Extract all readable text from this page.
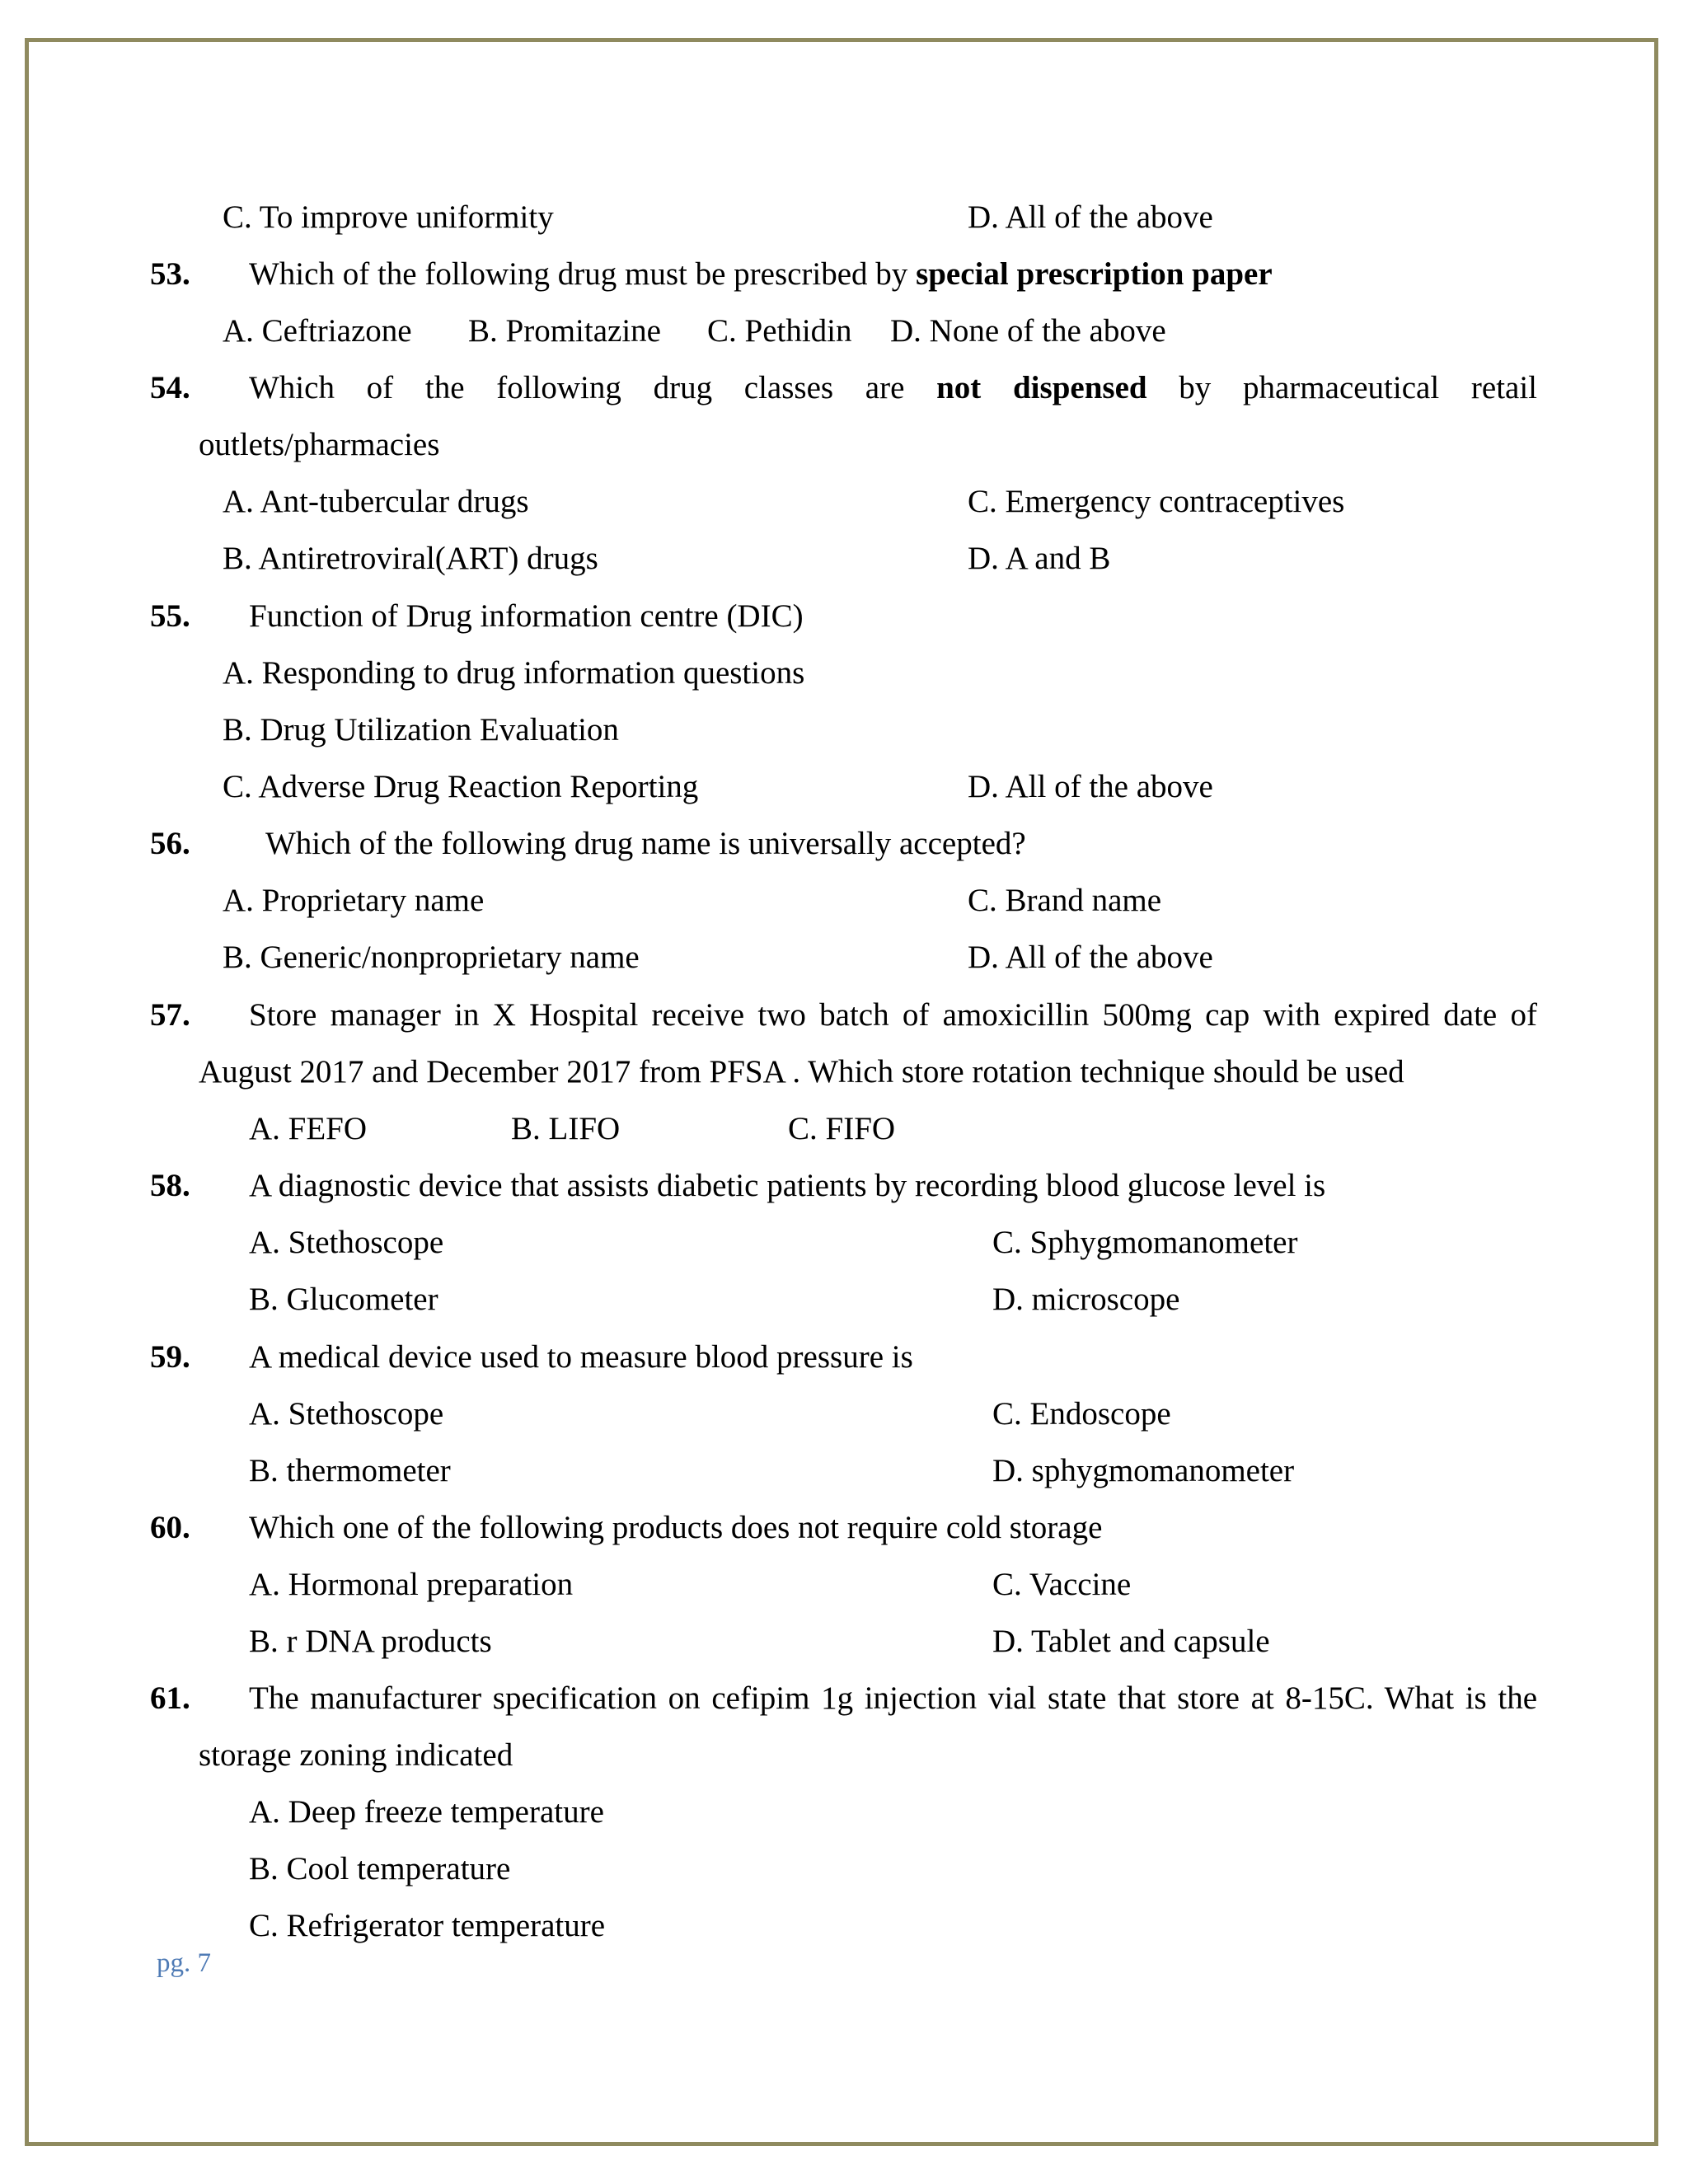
C. To improve uniformity	D. All of the above
53. Which of the following drug must be prescribed by special prescription paper
A. Ceftriazone B. Promitazine C. Pethidin D. None of the above
54. Which of the following drug classes are not dispensed by pharmaceutical retail
outlets/pharmacies
A. Ant-tubercular drugs	C. Emergency contraceptives
B. Antiretroviral(ART) drugs	D. A and B
55. Function of Drug information centre (DIC)
A. Responding to drug information questions
B. Drug Utilization Evaluation
C. Adverse Drug Reaction Reporting	D. All of the above
56. Which of the following drug name is universally accepted?
A. Proprietary name	C. Brand name
B. Generic/nonproprietary name	D. All of the above
57. Store manager in X Hospital receive two batch of amoxicillin 500mg cap with expired date of
August 2017 and December 2017 from PFSA . Which store rotation technique should be used
A. FEFO	B. LIFO	C. FIFO
58. A diagnostic device that assists diabetic patients by recording blood glucose level is
A. Stethoscope	C. Sphygmomanometer
B. Glucometer	D. microscope
59. A medical device used to measure blood pressure is
A. Stethoscope	C. Endoscope
B. thermometer	D. sphygmomanometer
60. Which one of the following products does not require cold storage
A. Hormonal preparation	C. Vaccine
B. r DNA products	D. Tablet and capsule
61. The manufacturer specification on cefipim 1g injection vial state that store at 8-15C. What is the
storage zoning indicated
A. Deep freeze temperature
B. Cool temperature
C. Refrigerator temperature
pg. 7
